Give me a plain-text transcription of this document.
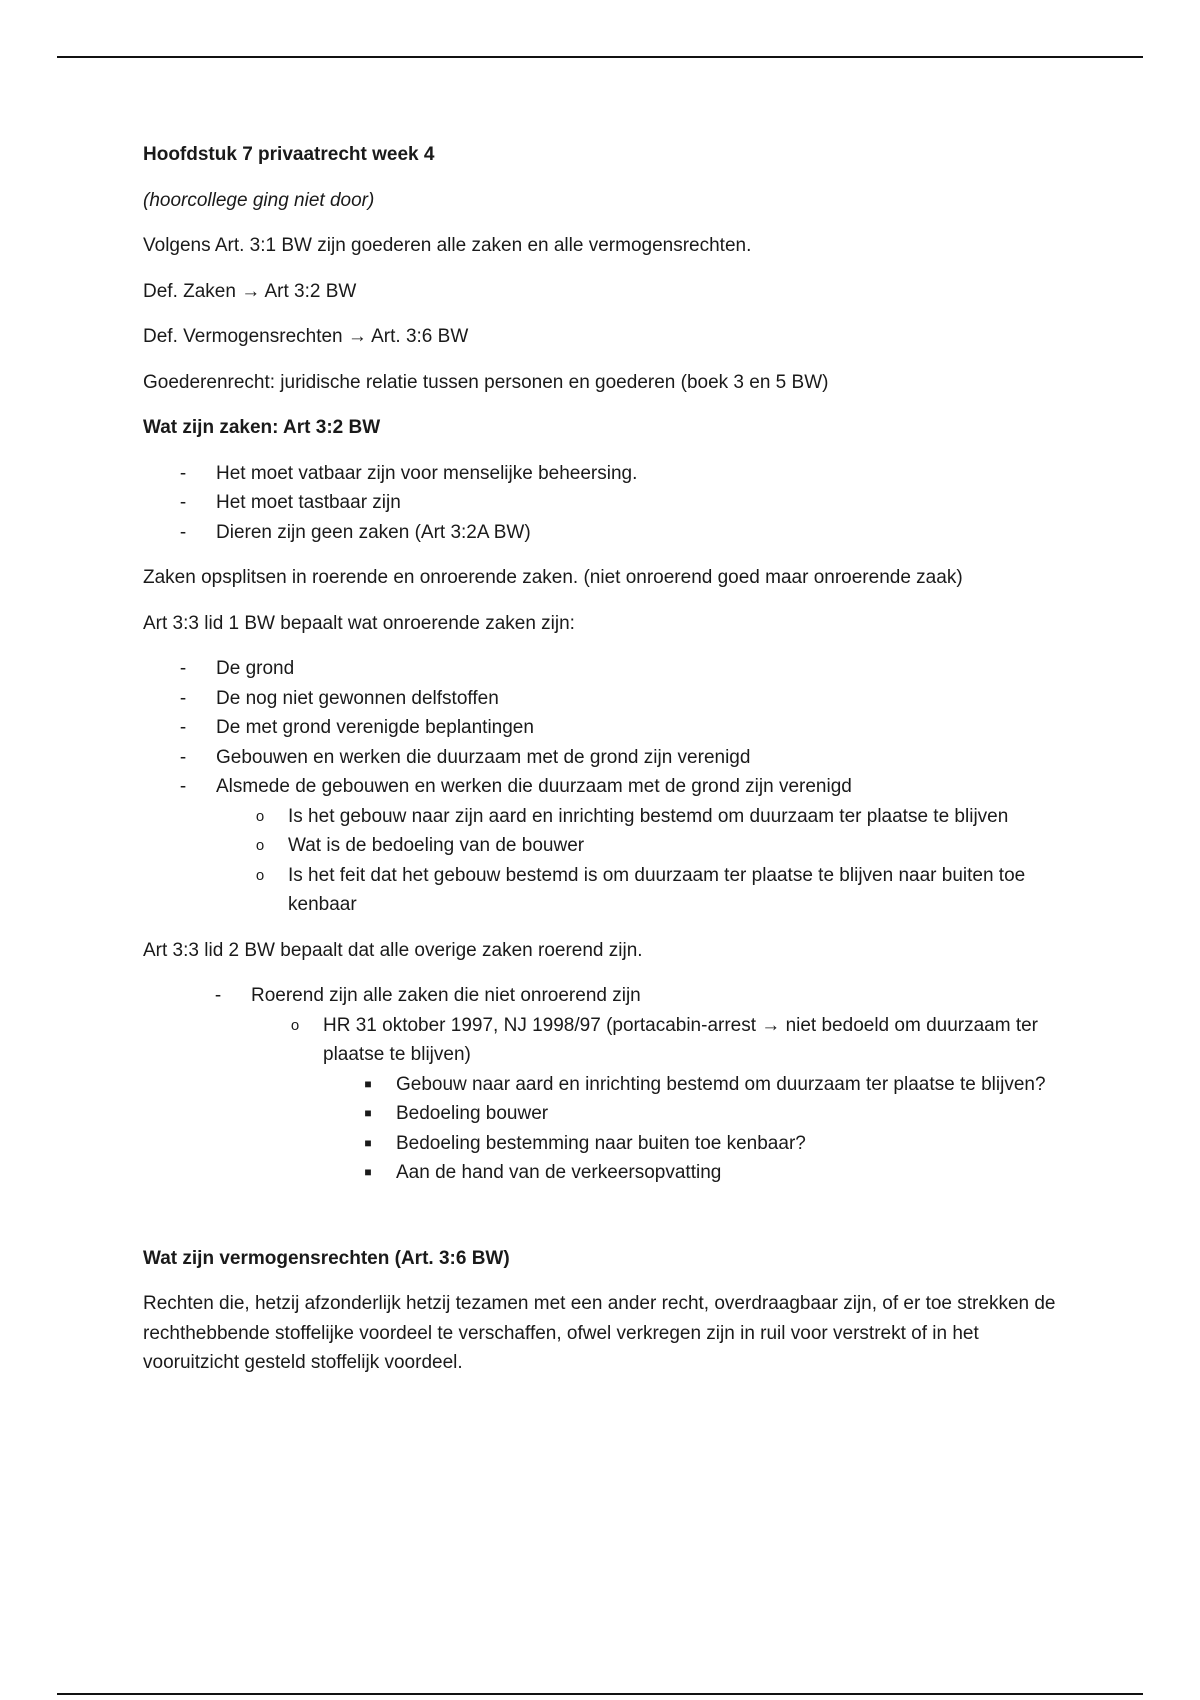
Hoofdstuk 7 privaatrecht week 4

(hoorcollege ging niet door)

Volgens Art. 3:1 BW zijn goederen alle zaken en alle vermogensrechten.

Def. Zaken → Art 3:2 BW

Def. Vermogensrechten → Art. 3:6 BW

Goederenrecht: juridische relatie tussen personen en goederen (boek 3 en 5 BW)

Wat zijn zaken: Art 3:2 BW

-	Het moet vatbaar zijn voor menselijke beheersing.
-	Het moet tastbaar zijn
-	Dieren zijn geen zaken (Art 3:2A BW)

Zaken opsplitsen in roerende en onroerende zaken. (niet onroerend goed maar onroerende zaak)

Art 3:3 lid 1 BW bepaalt wat onroerende zaken zijn:

-	De grond
-	De nog niet gewonnen delfstoffen
-	De met grond verenigde beplantingen
-	Gebouwen en werken die duurzaam met de grond zijn verenigd
-	Alsmede de gebouwen en werken die duurzaam met de grond zijn verenigd
o	Is het gebouw naar zijn aard en inrichting bestemd om duurzaam ter plaatse te blijven
o	Wat is de bedoeling van de bouwer
o	Is het feit dat het gebouw bestemd is om duurzaam ter plaatse te blijven naar buiten toe kenbaar

Art 3:3 lid 2 BW bepaalt dat alle overige zaken roerend zijn.

-	Roerend zijn alle zaken die niet onroerend zijn
o	HR 31 oktober 1997, NJ 1998/97 (portacabin-arrest → niet bedoeld om duurzaam ter plaatse te blijven)
■	Gebouw naar aard en inrichting bestemd om duurzaam ter plaatse te blijven?
■	Bedoeling bouwer
■	Bedoeling bestemming naar buiten toe kenbaar?
■	Aan de hand van de verkeersopvatting

Wat zijn vermogensrechten (Art. 3:6 BW)

Rechten die, hetzij afzonderlijk hetzij tezamen met een ander recht, overdraagbaar zijn, of er toe strekken de rechthebbende stoffelijke voordeel te verschaffen, ofwel verkregen zijn in ruil voor verstrekt of in het vooruitzicht gesteld stoffelijk voordeel.
